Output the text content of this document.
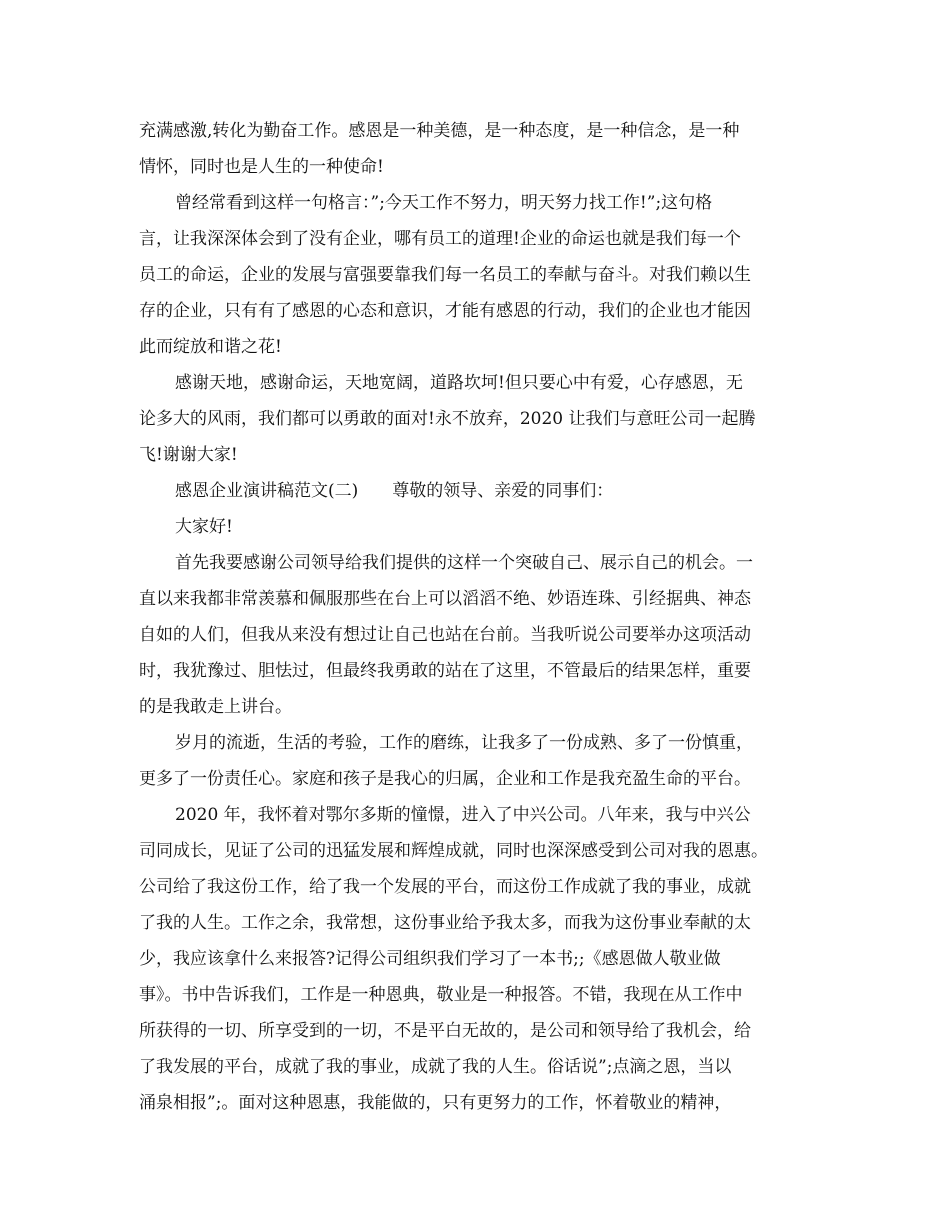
充满感激,转化为勤奋工作。感恩是一种美德，是一种态度，是一种信念，是一种
情怀，同时也是人生的一种使命!
曾经常看到这样一句格言：”;今天工作不努力，明天努力找工作!”;这句格
言，让我深深体会到了没有企业，哪有员工的道理!企业的命运也就是我们每一个
员工的命运，企业的发展与富强要靠我们每一名员工的奉献与奋斗。对我们赖以生
存的企业，只有有了感恩的心态和意识，才能有感恩的行动，我们的企业也才能因
此而绽放和谐之花!
感谢天地，感谢命运，天地宽阔，道路坎坷!但只要心中有爱，心存感恩，无
论多大的风雨，我们都可以勇敢的面对!永不放弃，2020 让我们与意旺公司一起腾
飞!谢谢大家!
感恩企业演讲稿范文(二)　　尊敬的领导、亲爱的同事们：
大家好!
首先我要感谢公司领导给我们提供的这样一个突破自己、展示自己的机会。一
直以来我都非常羡慕和佩服那些在台上可以滔滔不绝、妙语连珠、引经据典、神态
自如的人们，但我从来没有想过让自己也站在台前。当我听说公司要举办这项活动
时，我犹豫过、胆怯过，但最终我勇敢的站在了这里，不管最后的结果怎样，重要
的是我敢走上讲台。
岁月的流逝，生活的考验，工作的磨练，让我多了一份成熟、多了一份慎重，
更多了一份责任心。家庭和孩子是我心的归属，企业和工作是我充盈生命的平台。
2020 年，我怀着对鄂尔多斯的憧憬，进入了中兴公司。八年来，我与中兴公
司同成长，见证了公司的迅猛发展和辉煌成就，同时也深深感受到公司对我的恩惠。
公司给了我这份工作，给了我一个发展的平台，而这份工作成就了我的事业，成就
了我的人生。工作之余，我常想，这份事业给予我太多，而我为这份事业奉献的太
少，我应该拿什么来报答?记得公司组织我们学习了一本书;;《感恩做人敬业做
事》。书中告诉我们，工作是一种恩典，敬业是一种报答。不错，我现在从工作中
所获得的一切、所享受到的一切，不是平白无故的，是公司和领导给了我机会，给
了我发展的平台，成就了我的事业，成就了我的人生。俗话说”;点滴之恩，当以
涌泉相报”;。面对这种恩惠，我能做的，只有更努力的工作，怀着敬业的精神，
